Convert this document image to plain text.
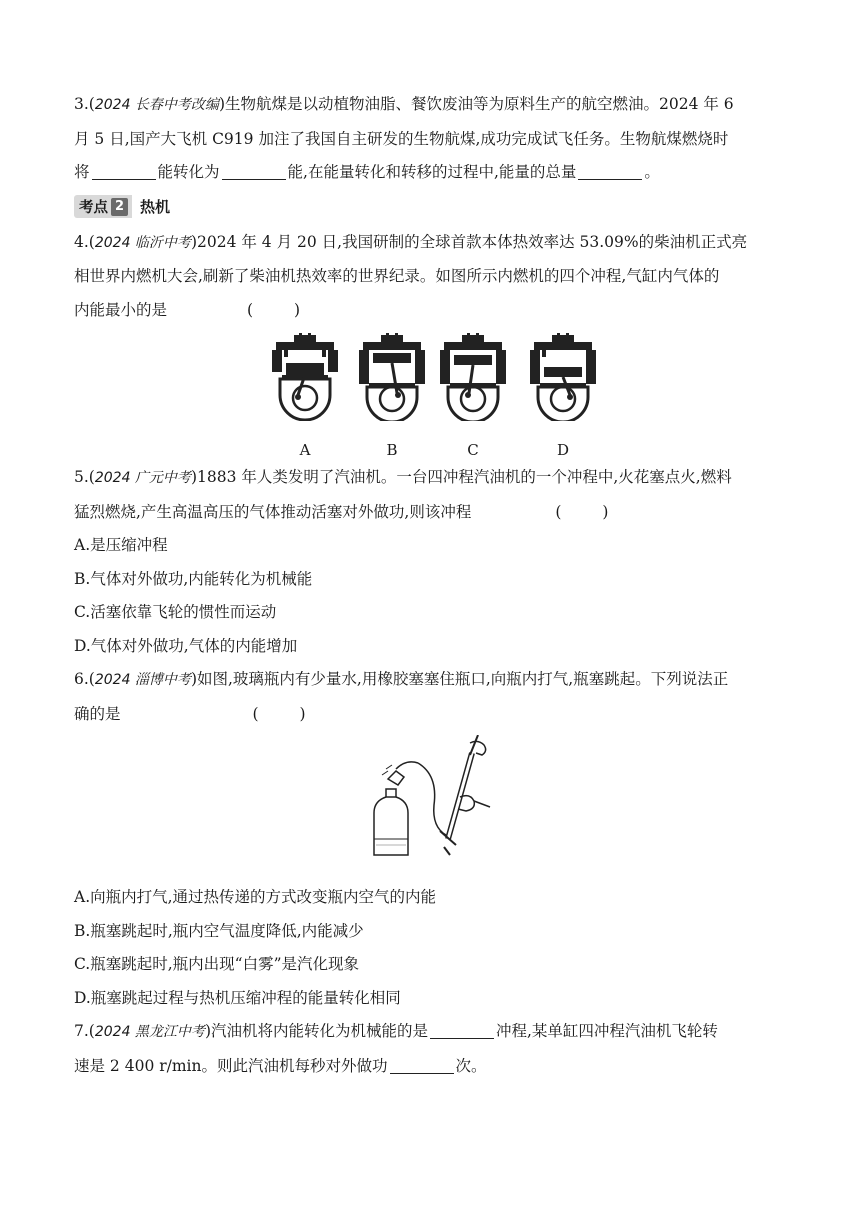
3.(2024 长春中考改编)生物航煤是以动植物油脂、餐饮废油等为原料生产的航空燃油。2024 年 6
月 5 日,国产大飞机 C919 加注了我国自主研发的生物航煤,成功完成试飞任务。生物航煤燃烧时
将	能转化为	能,在能量转化和转移的过程中,能量的总量	。
考点 2 热机
4.(2024 临沂中考)2024 年 4 月 20 日,我国研制的全球首款本体热效率达 53.09%的柴油机正式亮
相世界内燃机大会,刷新了柴油机热效率的世界纪录。如图所示内燃机的四个冲程,气缸内气体的
内能最小的是	( )
A	B	C	D
5.(2024 广元中考)1883 年人类发明了汽油机。一台四冲程汽油机的一个冲程中,火花塞点火,燃料
猛烈燃烧,产生高温高压的气体推动活塞对外做功,则该冲程	( )
A.是压缩冲程
B.气体对外做功,内能转化为机械能
C.活塞依靠飞轮的惯性而运动
D.气体对外做功,气体的内能增加
6.(2024 淄博中考)如图,玻璃瓶内有少量水,用橡胶塞塞住瓶口,向瓶内打气,瓶塞跳起。下列说法正
确的是	( )
A.向瓶内打气,通过热传递的方式改变瓶内空气的内能
B.瓶塞跳起时,瓶内空气温度降低,内能减少
C.瓶塞跳起时,瓶内出现“白雾”是汽化现象
D.瓶塞跳起过程与热机压缩冲程的能量转化相同
7.(2024 黑龙江中考)汽油机将内能转化为机械能的是	冲程,某单缸四冲程汽油机飞轮转
速是 2 400 r/min。则此汽油机每秒对外做功	次。
